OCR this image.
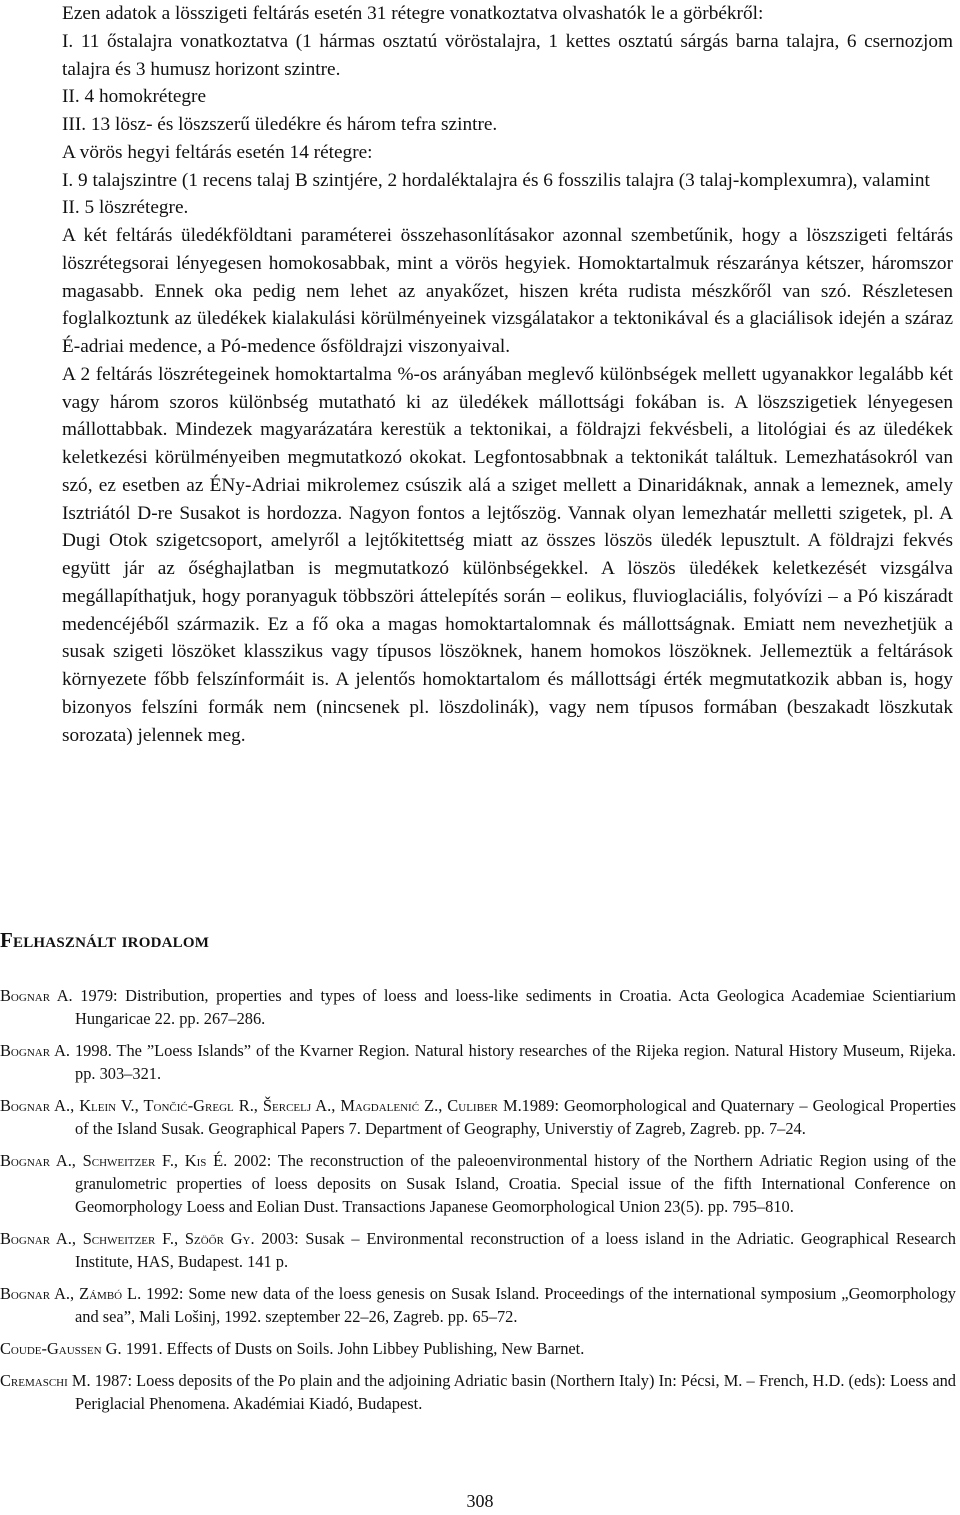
Ezen adatok a lösszigeti feltárás esetén 31 rétegre vonatkoztatva olvashatók le a görbékről:

I. 11 őstalajra vonatkoztatva (1 hármas osztatú vöröstalajra, 1 kettes osztatú sárgás barna talajra, 6 csernozjom talajra és 3 humusz horizont szintre.

II. 4 homokrétegre

III. 13 lösz- és löszszerű üledékre és három tefra szintre.

A vörös hegyi feltárás esetén 14 rétegre:

I. 9 talajszintre (1 recens talaj B szintjére, 2 hordaléktalajra és 6 fosszilis talajra (3 talaj-komplexumra), valamint

II. 5 löszrétegre.

A két feltárás üledékföldtani paraméterei összehasonlításakor azonnal szembetűnik, hogy a löszszigeti feltárás löszrétegsorai lényegesen homokosabbak, mint a vörös hegyiek. Homoktartalmuk részaránya kétszer, háromszor magasabb. Ennek oka pedig nem lehet az anyakőzet, hiszen kréta rudista mészkőről van szó. Részletesen foglalkoztunk az üledékek kialakulási körülményeinek vizsgálatakor a tektonikával és a glaciálisok idején a száraz É-adriai medence, a Pó-medence ősföldrajzi viszonyaival.

A 2 feltárás löszrétegeinek homoktartalma %-os arányában meglevő különbségek mellett ugyanakkor legalább két vagy három szoros különbség mutatható ki az üledékek mállottsági fokában is. A löszszigetiek lényegesen mállottabbak. Mindezek magyarázatára kerestük a tektonikai, a földrajzi fekvésbeli, a litológiai és az üledékek keletkezési körülményeiben megmutatkozó okokat. Legfontosabbnak a tektonikát találtuk. Lemezhatásokról van szó, ez esetben az ÉNy-Adriai mikrolemez csúszik alá a sziget mellett a Dinaridáknak, annak a lemeznek, amely Isztriától D-re Susakot is hordozza. Nagyon fontos a lejtőszög. Vannak olyan lemezhatár melletti szigetek, pl. A Dugi Otok szigetcsoport, amelyről a lejtőkitettség miatt az összes löszös üledék lepusztult. A földrajzi fekvés együtt jár az őséghajlatban is megmutatkozó különbségekkel. A löszös üledékek keletkezését vizsgálva megállapíthatjuk, hogy poranyaguk többszöri áttelepítés során – eolikus, fluvioglaciális, folyóvízi – a Pó kiszáradt medencéjéből származik. Ez a fő oka a magas homoktartalomnak és mállottságnak. Emiatt nem nevezhetjük a susak szigeti löszöket klasszikus vagy típusos löszöknek, hanem homokos löszöknek. Jellemeztük a feltárások környezete főbb felszínformáit is. A jelentős homoktartalom és mállottsági érték megmutatkozik abban is, hogy bizonyos felszíni formák nem (nincsenek pl. löszdolinák), vagy nem típusos formában (beszakadt löszkutak sorozata) jelennek meg.

Felhasznált irodalom

Bognar A. 1979: Distribution, properties and types of loess and loess-like sediments in Croatia. Acta Geologica Academiae Scientiarium Hungaricae 22. pp. 267–286.

Bognar A. 1998. The ”Loess Islands” of the Kvarner Region. Natural history researches of the Rijeka region. Natural History Museum, Rijeka. pp. 303–321.

Bognar A., Klein V., Tončić-Gregl R., Šercelj A., Magdalenić Z., Culiber M.1989: Geomorphological and Quaternary – Geological Properties of the Island Susak. Geographical Papers 7. Department of Geography, Universtiy of Zagreb, Zagreb. pp. 7–24.

Bognar A., Schweitzer F., Kis É. 2002: The reconstruction of the paleoenvironmental history of the Northern Adriatic Region using of the granulometric properties of loess deposits on Susak Island, Croatia. Special issue of the fifth International Conference on Geomorphology Loess and Eolian Dust. Transactions Japanese Geomorphological Union 23(5). pp. 795–810.

Bognar A., Schweitzer F., Szöőr Gy. 2003: Susak – Environmental reconstruction of a loess island in the Adriatic. Geographical Research Institute, HAS, Budapest. 141 p.

Bognar A., Zámbó L. 1992: Some new data of the loess genesis on Susak Island. Proceedings of the international symposium „Geomorphology and sea”, Mali Lošinj, 1992. szeptember 22–26, Zagreb. pp. 65–72.

Coude-Gaussen G. 1991. Effects of Dusts on Soils. John Libbey Publishing, New Barnet.

Cremaschi M. 1987: Loess deposits of the Po plain and the adjoining Adriatic basin (Northern Italy) In: Pécsi, M. – French, H.D. (eds): Loess and Periglacial Phenomena. Akadémiai Kiadó, Budapest.

308
